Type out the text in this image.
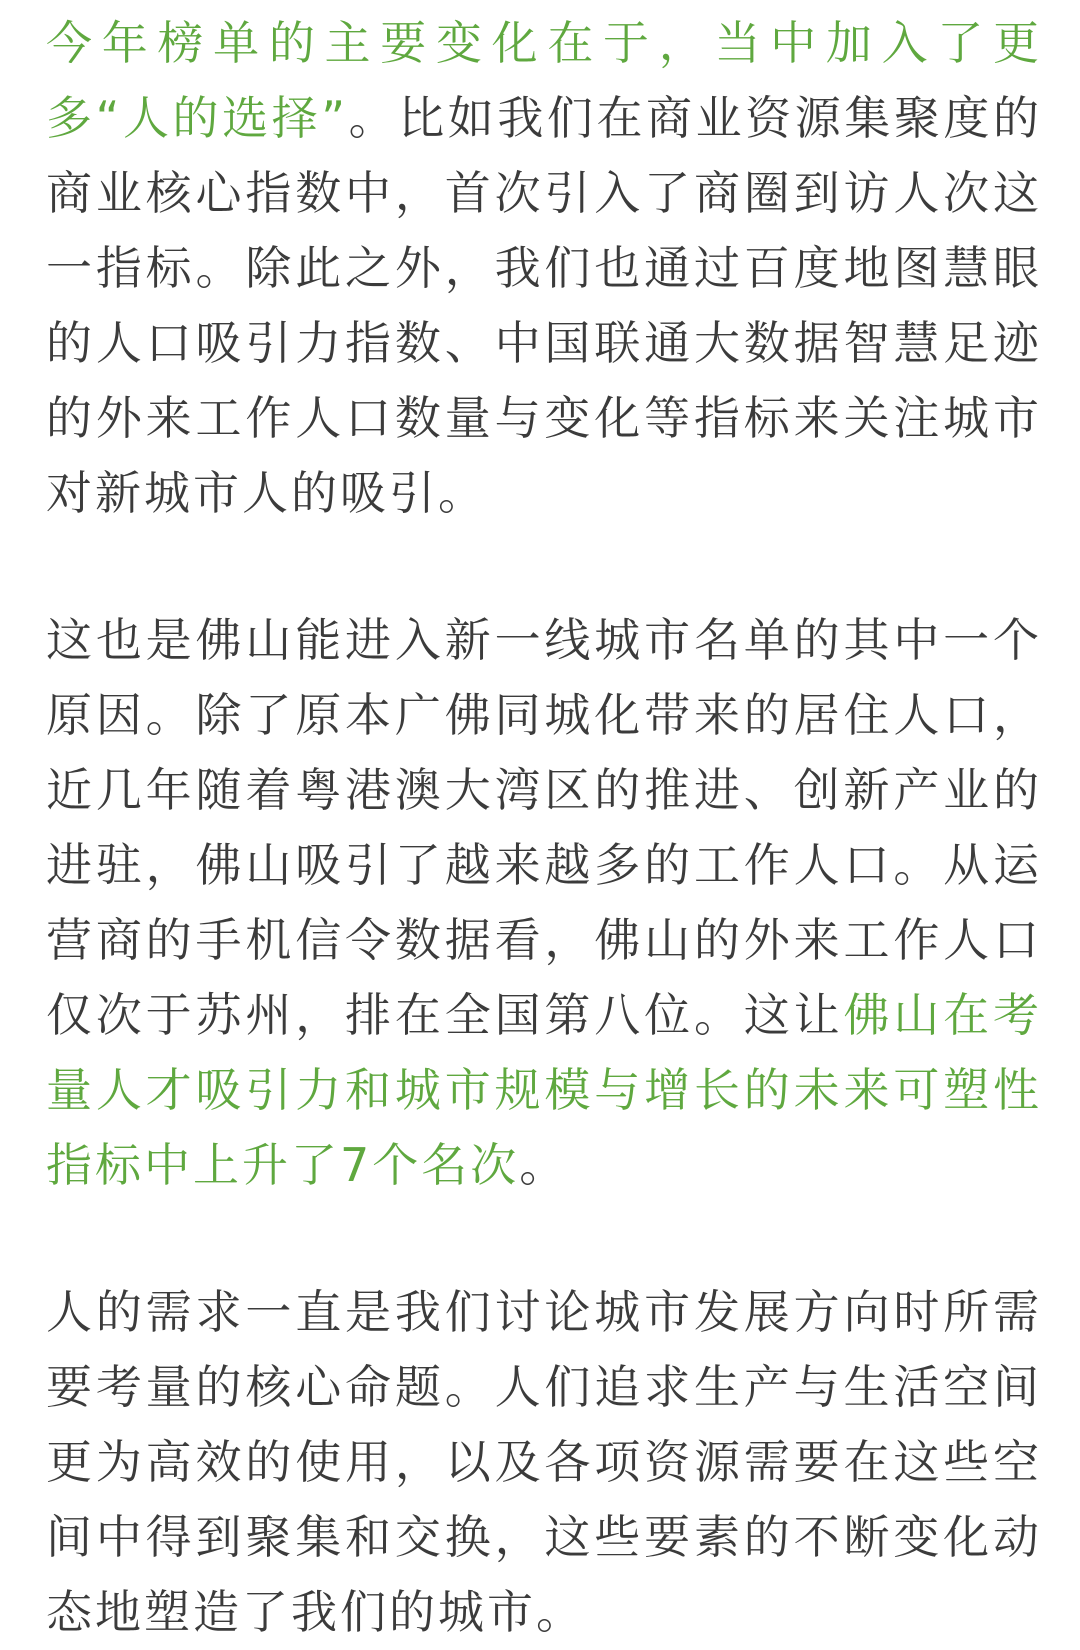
今年榜单的主要变化在于，当中加入了更多“人的选择”。比如我们在商业资源集聚度的商业核心指数中，首次引入了商圈到访人次这一指标。除此之外，我们也通过百度地图慧眼的人口吸引力指数、中国联通大数据智慧足迹的外来工作人口数量与变化等指标来关注城市对新城市人的吸引。

这也是佛山能进入新一线城市名单的其中一个原因。除了原本广佛同城化带来的居住人口，近几年随着粤港澳大湾区的推进、创新产业的进驻，佛山吸引了越来越多的工作人口。从运营商的手机信令数据看，佛山的外来工作人口仅次于苏州，排在全国第八位。这让佛山在考量人才吸引力和城市规模与增长的未来可塑性指标中上升了7个名次。

人的需求一直是我们讨论城市发展方向时所需要考量的核心命题。人们追求生产与生活空间更为高效的使用，以及各项资源需要在这些空间中得到聚集和交换，这些要素的不断变化动态地塑造了我们的城市。
